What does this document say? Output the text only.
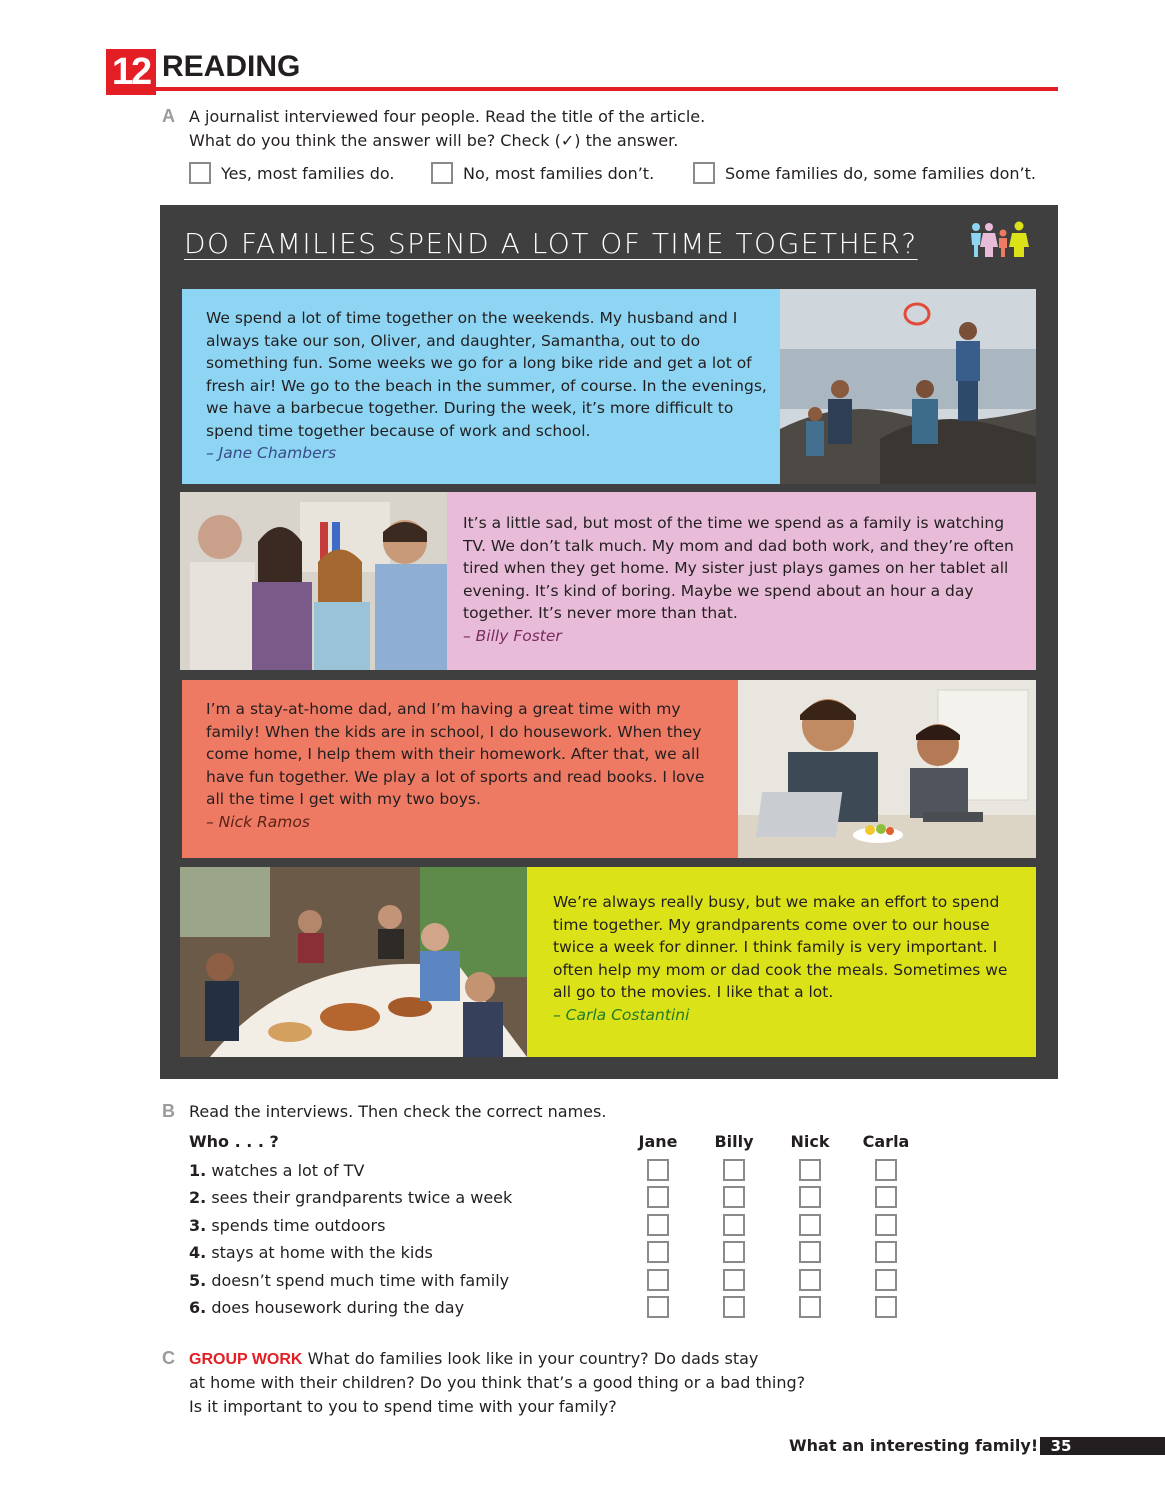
12 READING
A A journalist interviewed four people. Read the title of the article.
What do you think the answer will be? Check (✓) the answer.
Yes, most families do.	No, most families don’t.	Some families do, some families don’t.
DO FAMILIES SPEND A LOT OF TIME TOGETHER?
We spend a lot of time together on the weekends. My husband and I always take our son, Oliver, and daughter, Samantha, out to do something fun. Some weeks we go for a long bike ride and get a lot of fresh air! We go to the beach in the summer, of course. In the evenings, we have a barbecue together. During the week, it’s more difficult to spend time together because of work and school.
– Jane Chambers
It’s a little sad, but most of the time we spend as a family is watching TV. We don’t talk much. My mom and dad both work, and they’re often tired when they get home. My sister just plays games on her tablet all evening. It’s kind of boring. Maybe we spend about an hour a day together. It’s never more than that.
– Billy Foster
I’m a stay-at-home dad, and I’m having a great time with my family! When the kids are in school, I do housework. When they come home, I help them with their homework. After that, we all have fun together. We play a lot of sports and read books. I love all the time I get with my two boys.
– Nick Ramos
We’re always really busy, but we make an effort to spend time together. My grandparents come over to our house twice a week for dinner. I think family is very important. I often help my mom or dad cook the meals. Sometimes we all go to the movies. I like that a lot.
– Carla Costantini
B Read the interviews. Then check the correct names.
Who . . . ?	Jane	Billy	Nick	Carla
1. watches a lot of TV
2. sees their grandparents twice a week
3. spends time outdoors
4. stays at home with the kids
5. doesn’t spend much time with family
6. does housework during the day
C GROUP WORK What do families look like in your country? Do dads stay
at home with their children? Do you think that’s a good thing or a bad thing?
Is it important to you to spend time with your family?
What an interesting family! 35
